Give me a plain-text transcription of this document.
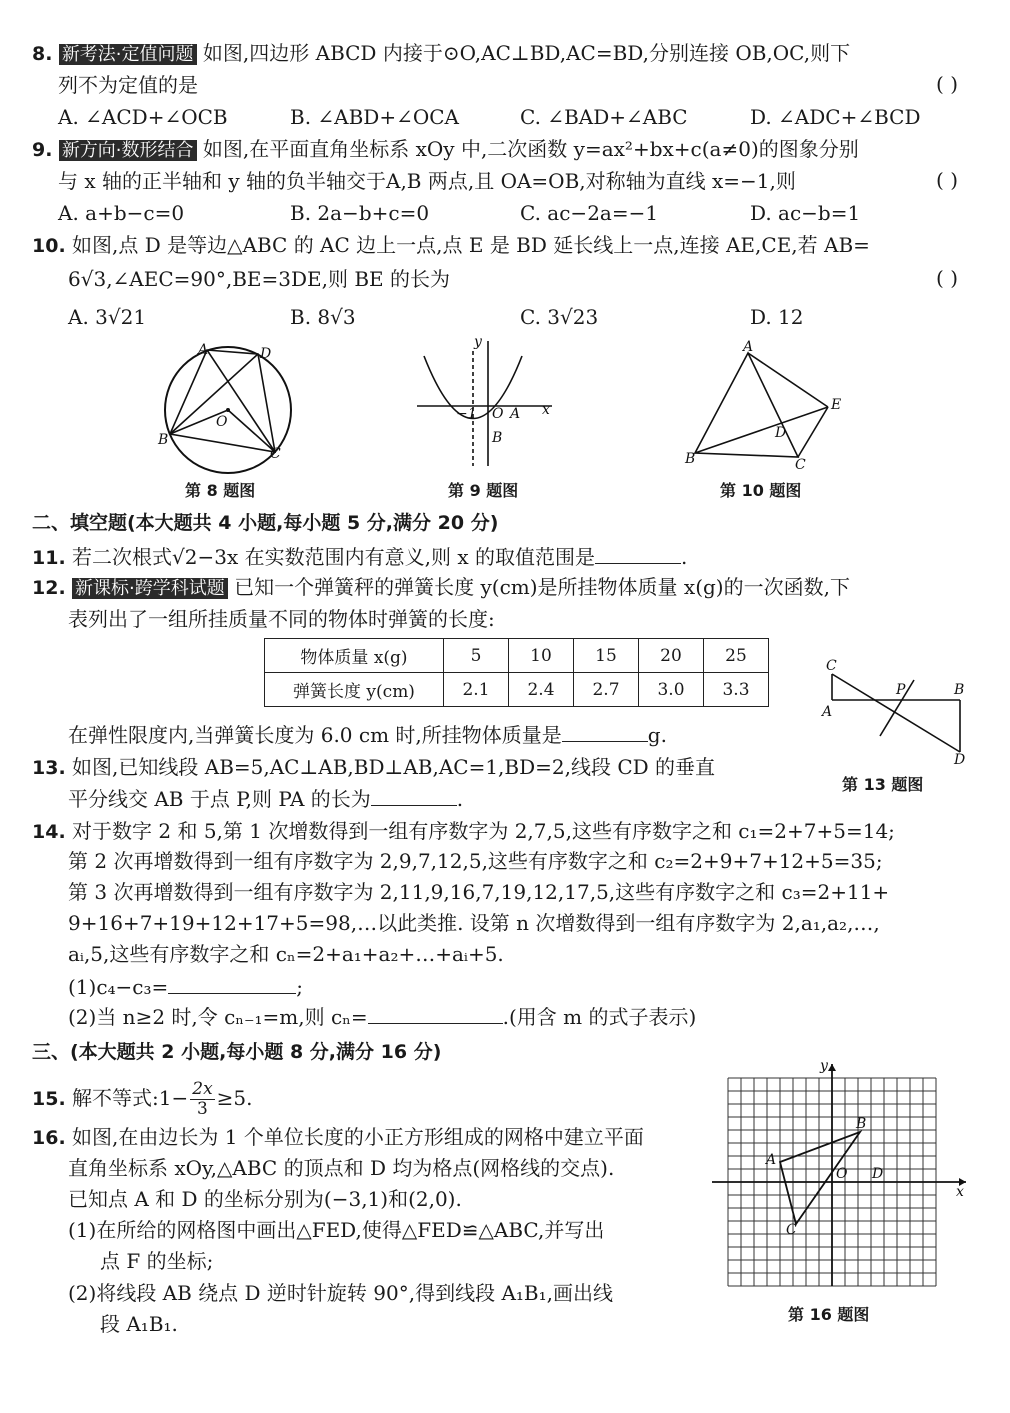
8. 新考法·定值问题 如图,四边形 ABCD 内接于⊙O,AC⊥BD,AC=BD,分别连接 OB,OC,则下
列不为定值的是	( )
A. ∠ACD+∠OCB	B. ∠ABD+∠OCA	C. ∠BAD+∠ABC	D. ∠ADC+∠BCD
9. 新方向·数形结合 如图,在平面直角坐标系 xOy 中,二次函数 y=ax²+bx+c(a≠0)的图象分别
与 x 轴的正半轴和 y 轴的负半轴交于A,B 两点,且 OA=OB,对称轴为直线 x=−1,则	( )
A. a+b−c=0	B. 2a−b+c=0	C. ac−2a=−1	D. ac−b=1
10. 如图,点 D 是等边△ABC 的 AC 边上一点,点 E 是 BD 延长线上一点,连接 AE,CE,若 AB=
6√3,∠AEC=90°,BE=3DE,则 BE 的长为	( )
A. 3√21	B. 8√3	C. 3√23	D. 12
A	D
B
C
O
第 8 题图
y
x
−1 O A
B
第 9 题图
A
B	C
D
E
第 10 题图
二、填空题(本大题共 4 小题,每小题 5 分,满分 20 分)
11. 若二次根式√2−3x 在实数范围内有意义,则 x 的取值范围是	.
12. 新课标·跨学科试题 已知一个弹簧秤的弹簧长度 y(cm)是所挂物体质量 x(g)的一次函数,下
表列出了一组所挂质量不同的物体时弹簧的长度:
物体质量 x(g)	5	10	15	20	25
弹簧长度 y(cm)	2.1	2.4	2.7	3.0	3.3
在弹性限度内,当弹簧长度为 6.0 cm 时,所挂物体质量是	g.
C
A
P	B
D
第 13 题图
13. 如图,已知线段 AB=5,AC⊥AB,BD⊥AB,AC=1,BD=2,线段 CD 的垂直
平分线交 AB 于点 P,则 PA 的长为	.
14. 对于数字 2 和 5,第 1 次增数得到一组有序数字为 2,7,5,这些有序数字之和 c₁=2+7+5=14;
第 2 次再增数得到一组有序数字为 2,9,7,12,5,这些有序数字之和 c₂=2+9+7+12+5=35;
第 3 次再增数得到一组有序数字为 2,11,9,16,7,19,12,17,5,这些有序数字之和 c₃=2+11+
9+16+7+19+12+17+5=98,…以此类推. 设第 n 次增数得到一组有序数字为 2,a₁,a₂,…,
aᵢ,5,这些有序数字之和 cₙ=2+a₁+a₂+…+aᵢ+5.
(1)c₄−c₃=	;
(2)当 n≥2 时,令 cₙ₋₁=m,则 cₙ=	.(用含 m 的式子表示)
三、(本大题共 2 小题,每小题 8 分,满分 16 分)
15. 解不等式:1− $\frac{2x}{3} \ge 5$.
16. 如图,在由边长为 1 个单位长度的小正方形组成的网格中建立平面
直角坐标系 xOy,△ABC 的顶点和 D 均为格点(网格线的交点).
已知点 A 和 D 的坐标分别为(−3,1)和(2,0).
(1)在所给的网格图中画出△FED,使得△FED≌△ABC,并写出
点 F 的坐标;
(2)将线段 AB 绕点 D 逆时针旋转 90°,得到线段 A₁B₁,画出线
段 A₁B₁.
y
x
A
B
C
D
O
第 16 题图
